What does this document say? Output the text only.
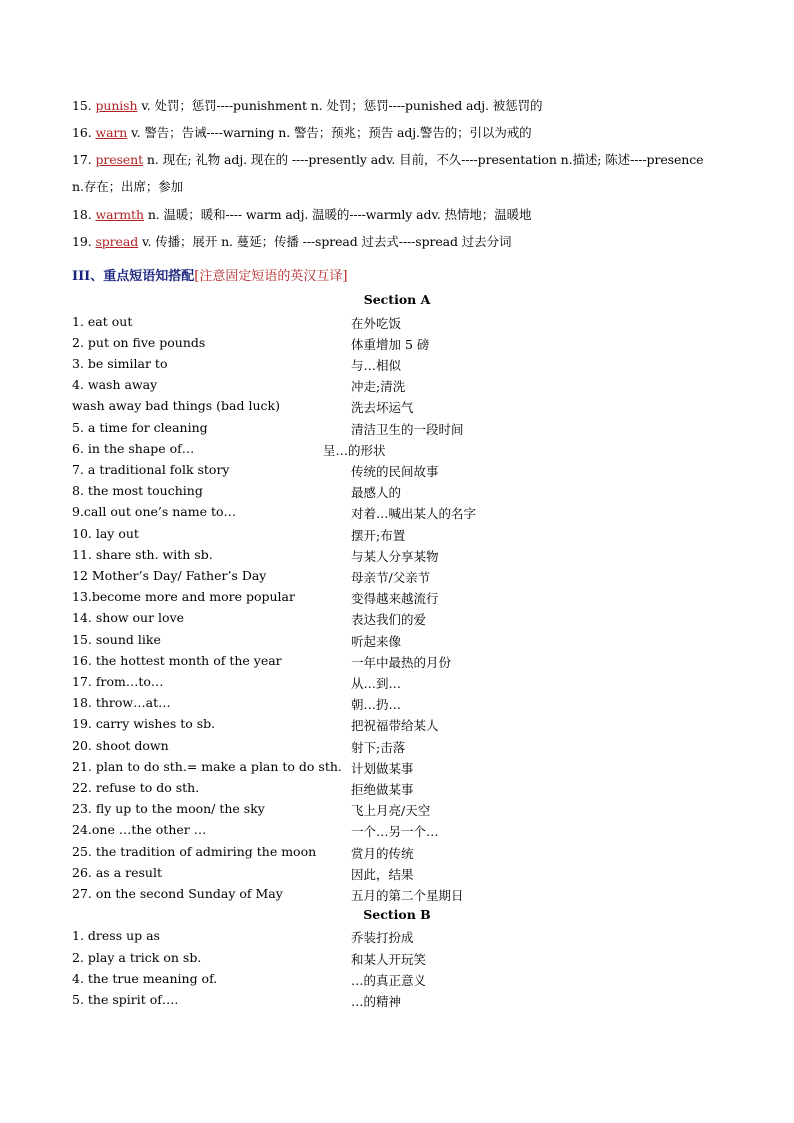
15. punish v. 处罚；惩罚----punishment n. 处罚；惩罚----punished adj. 被惩罚的
16. warn v. 警告；告诫----warning n. 警告；预兆；预告 adj.警告的；引以为戒的
17. present n. 现在; 礼物 adj. 现在的 ----presently adv. 目前，不久----presentation n.描述; 陈述----presence
n.存在；出席；参加
18. warmth n. 温暖；暖和---- warm adj. 温暖的----warmly adv. 热情地；温暖地
19. spread v. 传播；展开 n. 蔓延；传播 ---spread 过去式----spread 过去分词
III、重点短语知搭配[注意固定短语的英汉互译]
Section A
1. eat out	在外吃饭
2. put on five pounds	体重增加 5 磅
3. be similar to	与…相似
4. wash away	冲走;清洗
wash away bad things (bad luck)	洗去坏运气
5. a time for cleaning	清洁卫生的一段时间
6. in the shape of…	呈…的形状
7. a traditional folk story	传统的民间故事
8. the most touching	最感人的
9.call out one’s name to…	对着…喊出某人的名字
10. lay out	摆开;布置
11. share sth. with sb.	与某人分享某物
12 Mother’s Day/ Father’s Day	母亲节/父亲节
13.become more and more popular	变得越来越流行
14. show our love	表达我们的爱
15. sound like	听起来像
16. the hottest month of the year	一年中最热的月份
17. from…to…	从…到…
18. throw…at…	朝…扔…
19. carry wishes to sb.	把祝福带给某人
20. shoot down	射下;击落
21. plan to do sth.= make a plan to do sth. 计划做某事
22. refuse to do sth.	拒绝做某事
23. fly up to the moon/ the sky	飞上月亮/天空
24.one …the other …	一个…另一个…
25. the tradition of admiring the moon	赏月的传统
26. as a result	因此，结果
27. on the second Sunday of May	五月的第二个星期日
Section B
1. dress up as	乔装打扮成
2. play a trick on sb.	和某人开玩笑
4. the true meaning of.	…的真正意义
5. the spirit of….	…的精神
